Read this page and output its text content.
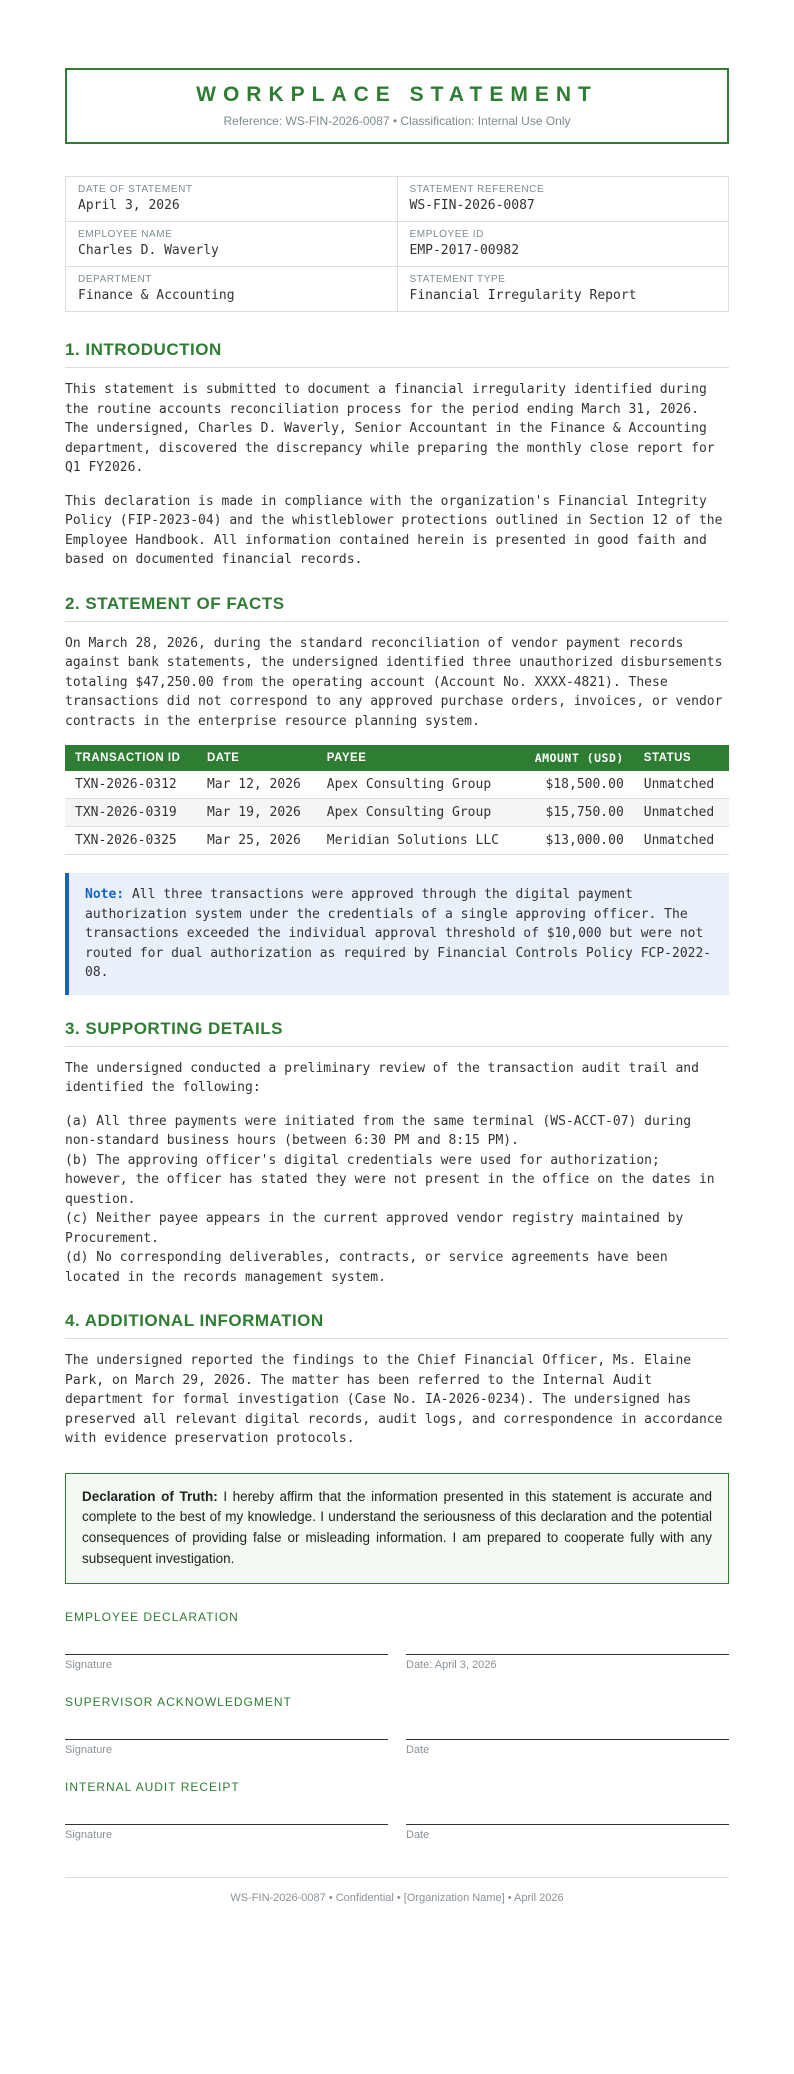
WORKPLACE STATEMENT
Reference: WS-FIN-2026-0087 • Classification: Internal Use Only
DATE OF STATEMENT
April 3, 2026

STATEMENT REFERENCE
WS-FIN-2026-0087

EMPLOYEE NAME
Charles D. Waverly

EMPLOYEE ID
EMP-2017-00982

DEPARTMENT
Finance & Accounting

STATEMENT TYPE
Financial Irregularity Report
1. INTRODUCTION

This statement is submitted to document a financial irregularity identified during the routine accounts reconciliation process for the period ending March 31, 2026. The undersigned, Charles D. Waverly, Senior Accountant in the Finance & Accounting department, discovered the discrepancy while preparing the monthly close report for Q1 FY2026.

This declaration is made in compliance with the organization's Financial Integrity Policy (FIP-2023-04) and the whistleblower protections outlined in Section 12 of the Employee Handbook. All information contained herein is presented in good faith and based on documented financial records.

2. STATEMENT OF FACTS

On March 28, 2026, during the standard reconciliation of vendor payment records against bank statements, the undersigned identified three unauthorized disbursements totaling $47,250.00 from the operating account (Account No. XXXX-4821). These transactions did not correspond to any approved purchase orders, invoices, or vendor contracts in the enterprise resource planning system.

TRANSACTION ID	DATE	PAYEE	AMOUNT (USD)	STATUS
TXN-2026-0312	Mar 12, 2026	Apex Consulting Group	$18,500.00	Unmatched
TXN-2026-0319	Mar 19, 2026	Apex Consulting Group	$15,750.00	Unmatched
TXN-2026-0325	Mar 25, 2026	Meridian Solutions LLC	$13,000.00	Unmatched
Note: All three transactions were approved through the digital payment authorization system under the credentials of a single approving officer. The transactions exceeded the individual approval threshold of $10,000 but were not routed for dual authorization as required by Financial Controls Policy FCP-2022-08.
3. SUPPORTING DETAILS

The undersigned conducted a preliminary review of the transaction audit trail and identified the following:

(a) All three payments were initiated from the same terminal (WS-ACCT-07) during non-standard business hours (between 6:30 PM and 8:15 PM).
(b) The approving officer's digital credentials were used for authorization; however, the officer has stated they were not present in the office on the dates in question.
(c) Neither payee appears in the current approved vendor registry maintained by Procurement.
(d) No corresponding deliverables, contracts, or service agreements have been located in the records management system.
4. ADDITIONAL INFORMATION

The undersigned reported the findings to the Chief Financial Officer, Ms. Elaine Park, on March 29, 2026. The matter has been referred to the Internal Audit department for formal investigation (Case No. IA-2026-0234). The undersigned has preserved all relevant digital records, audit logs, and correspondence in accordance with evidence preservation protocols.

Declaration of Truth: I hereby affirm that the information presented in this statement is accurate and complete to the best of my knowledge. I understand the seriousness of this declaration and the potential consequences of providing false or misleading information. I am prepared to cooperate fully with any subsequent investigation.
EMPLOYEE DECLARATION
Signature	Date: April 3, 2026
SUPERVISOR ACKNOWLEDGMENT
Signature	Date
INTERNAL AUDIT RECEIPT
Signature	Date
WS-FIN-2026-0087 • Confidential • [Organization Name] • April 2026
